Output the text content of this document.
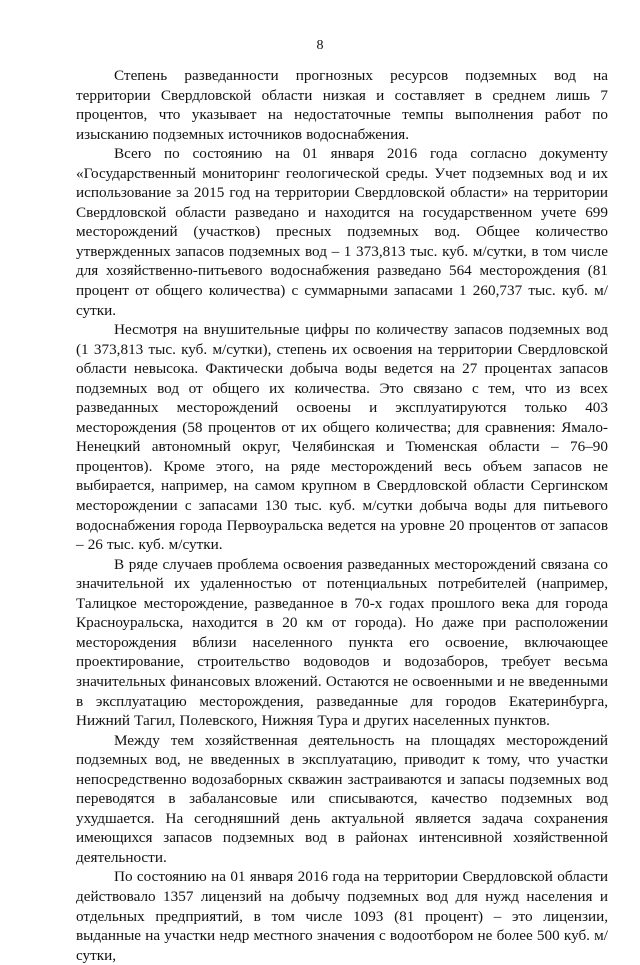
8

Степень разведанности прогнозных ресурсов подземных вод на территории Свердловской области низкая и составляет в среднем лишь 7 процентов, что указывает на недостаточные темпы выполнения работ по изысканию подземных источников водоснабжения.

Всего по состоянию на 01 января 2016 года согласно документу «Государственный мониторинг геологической среды. Учет подземных вод и их использование за 2015 год на территории Свердловской области» на территории Свердловской области разведано и находится на государственном учете 699 месторождений (участков) пресных подземных вод. Общее количество утвержденных запасов подземных вод – 1 373,813 тыс. куб. м/сутки, в том числе для хозяйственно-питьевого водоснабжения разведано 564 месторождения (81 процент от общего количества) с суммарными запасами 1 260,737 тыс. куб. м/сутки.

Несмотря на внушительные цифры по количеству запасов подземных вод (1 373,813 тыс. куб. м/сутки), степень их освоения на территории Свердловской области невысока. Фактически добыча воды ведется на 27 процентах запасов подземных вод от общего их количества. Это связано с тем, что из всех разведанных месторождений освоены и эксплуатируются только 403 месторождения (58 процентов от их общего количества; для сравнения: Ямало-Ненецкий автономный округ, Челябинская и Тюменская области – 76–90 процентов). Кроме этого, на ряде месторождений весь объем запасов не выбирается, например, на самом крупном в Свердловской области Сергинском месторождении с запасами 130 тыс. куб. м/сутки добыча воды для питьевого водоснабжения города Первоуральска ведется на уровне 20 процентов от запасов – 26 тыс. куб. м/сутки.

В ряде случаев проблема освоения разведанных месторождений связана со значительной их удаленностью от потенциальных потребителей (например, Талицкое месторождение, разведанное в 70-х годах прошлого века для города Красноуральска, находится в 20 км от города). Но даже при расположении месторождения вблизи населенного пункта его освоение, включающее проектирование, строительство водоводов и водозаборов, требует весьма значительных финансовых вложений. Остаются не освоенными и не введенными в эксплуатацию месторождения, разведанные для городов Екатеринбурга, Нижний Тагил, Полевского, Нижняя Тура и других населенных пунктов.

Между тем хозяйственная деятельность на площадях месторождений подземных вод, не введенных в эксплуатацию, приводит к тому, что участки непосредственно водозаборных скважин застраиваются и запасы подземных вод переводятся в забалансовые или списываются, качество подземных вод ухудшается. На сегодняшний день актуальной является задача сохранения имеющихся запасов подземных вод в районах интенсивной хозяйственной деятельности.

По состоянию на 01 января 2016 года на территории Свердловской области действовало 1357 лицензий на добычу подземных вод для нужд населения и отдельных предприятий, в том числе 1093 (81 процент) – это лицензии, выданные на участки недр местного значения с водоотбором не более 500 куб. м/сутки,
